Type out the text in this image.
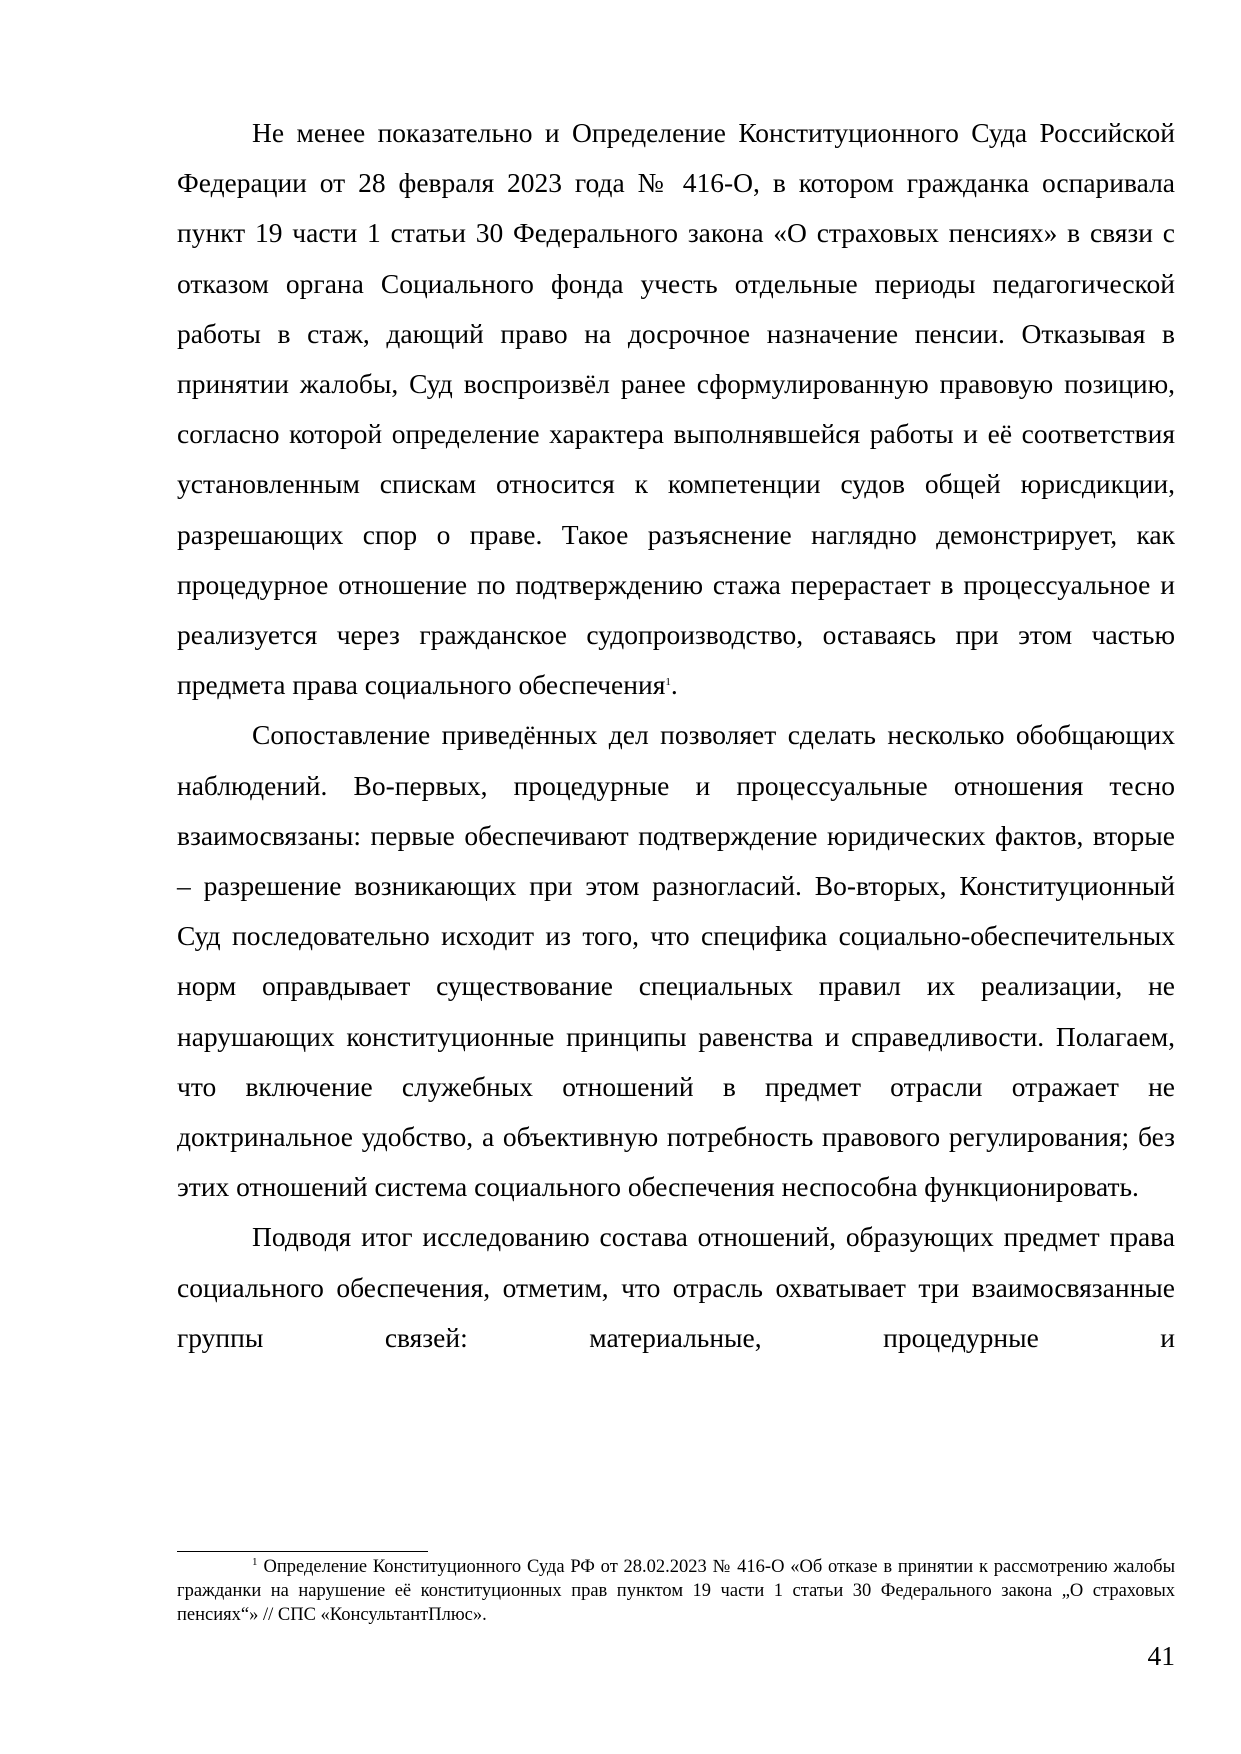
Не менее показательно и Определение Конституционного Суда Российской Федерации от 28 февраля 2023 года № 416-О, в котором гражданка оспаривала пункт 19 части 1 статьи 30 Федерального закона «О страховых пенсиях» в связи с отказом органа Социального фонда учесть отдельные периоды педагогической работы в стаж, дающий право на досрочное назначение пенсии. Отказывая в принятии жалобы, Суд воспроизвёл ранее сформулированную правовую позицию, согласно которой определение характера выполнявшейся работы и её соответствия установленным спискам относится к компетенции судов общей юрисдикции, разрешающих спор о праве. Такое разъяснение наглядно демонстрирует, как процедурное отношение по подтверждению стажа перерастает в процессуальное и реализуется через гражданское судопроизводство, оставаясь при этом частью предмета права социального обеспечения$^1$.

Сопоставление приведённых дел позволяет сделать несколько обобщающих наблюдений. Во-первых, процедурные и процессуальные отношения тесно взаимосвязаны: первые обеспечивают подтверждение юридических фактов, вторые – разрешение возникающих при этом разногласий. Во-вторых, Конституционный Суд последовательно исходит из того, что специфика социально-обеспечительных норм оправдывает существование специальных правил их реализации, не нарушающих конституционные принципы равенства и справедливости. Полагаем, что включение служебных отношений в предмет отрасли отражает не доктринальное удобство, а объективную потребность правового регулирования; без этих отношений система социального обеспечения неспособна функционировать.

Подводя итог исследованию состава отношений, образующих предмет права социального обеспечения, отметим, что отрасль охватывает три взаимосвязанные группы связей: материальные, процедурные и

$^1$ Определение Конституционного Суда РФ от 28.02.2023 № 416-О «Об отказе в принятии к рассмотрению жалобы гражданки на нарушение её конституционных прав пунктом 19 части 1 статьи 30 Федерального закона „О страховых пенсиях“» // СПС «КонсультантПлюс».

41
